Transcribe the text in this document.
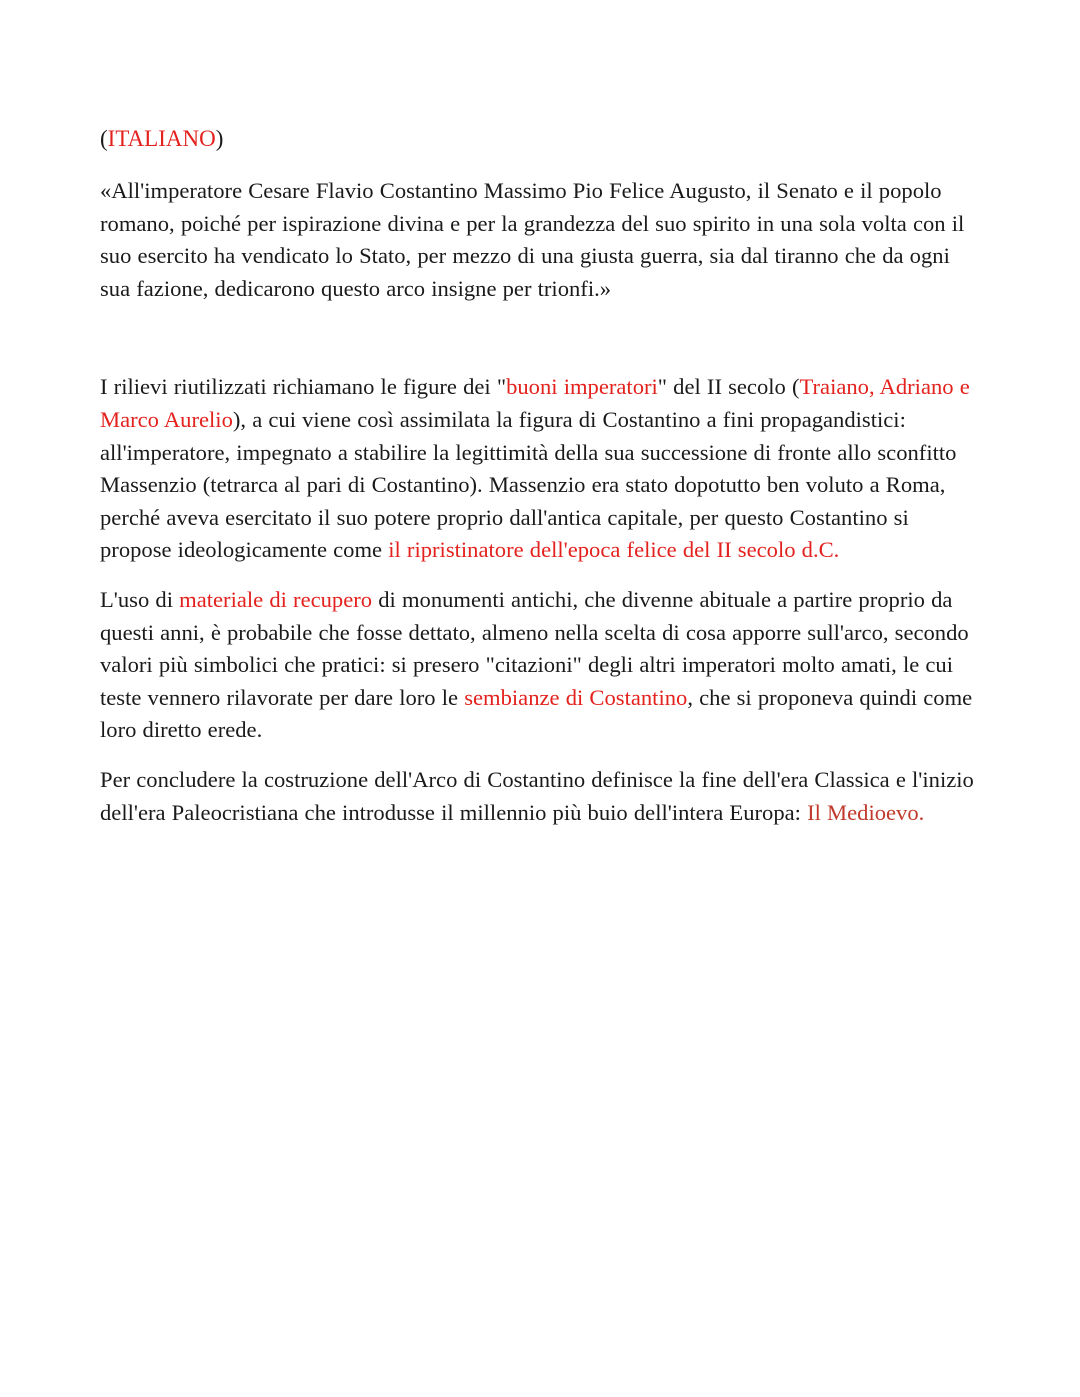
(ITALIANO)

«All'imperatore Cesare Flavio Costantino Massimo Pio Felice Augusto, il Senato e il popolo romano, poiché per ispirazione divina e per la grandezza del suo spirito in una sola volta con il suo esercito ha vendicato lo Stato, per mezzo di una giusta guerra, sia dal tiranno che da ogni sua fazione, dedicarono questo arco insigne per trionfi.»

I rilievi riutilizzati richiamano le figure dei "buoni imperatori" del II secolo (Traiano, Adriano e Marco Aurelio), a cui viene così assimilata la figura di Costantino a fini propagandistici: all'imperatore, impegnato a stabilire la legittimità della sua successione di fronte allo sconfitto Massenzio (tetrarca al pari di Costantino). Massenzio era stato dopotutto ben voluto a Roma, perché aveva esercitato il suo potere proprio dall'antica capitale, per questo Costantino si propose ideologicamente come il ripristinatore dell'epoca felice del II secolo d.C.

L'uso di materiale di recupero di monumenti antichi, che divenne abituale a partire proprio da questi anni, è probabile che fosse dettato, almeno nella scelta di cosa apporre sull'arco, secondo valori più simbolici che pratici: si presero "citazioni" degli altri imperatori molto amati, le cui teste vennero rilavorate per dare loro le sembianze di Costantino, che si proponeva quindi come loro diretto erede.

Per concludere la costruzione dell'Arco di Costantino definisce la fine dell'era Classica e l'inizio dell'era Paleocristiana che introdusse il millennio più buio dell'intera Europa: Il Medioevo.
